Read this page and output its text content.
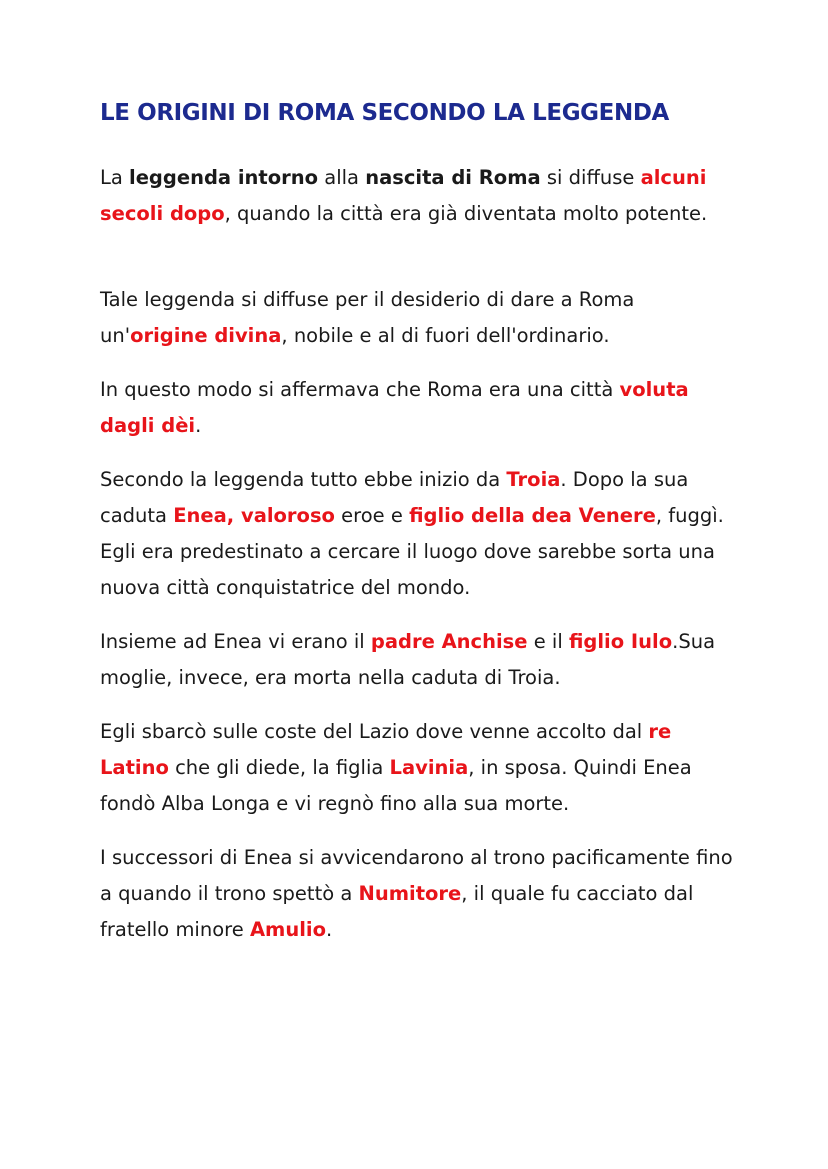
LE ORIGINI DI ROMA SECONDO LA LEGGENDA

La leggenda intorno alla nascita di Roma si diffuse alcuni secoli dopo, quando la città era già diventata molto potente.

Tale leggenda si diffuse per il desiderio di dare a Roma un'origine divina, nobile e al di fuori dell'ordinario.

In questo modo si affermava che Roma era una città voluta dagli dèi.

Secondo la leggenda tutto ebbe inizio da Troia. Dopo la sua caduta Enea, valoroso eroe e figlio della dea Venere, fuggì. Egli era predestinato a cercare il luogo dove sarebbe sorta una nuova città conquistatrice del mondo.

Insieme ad Enea vi erano il padre Anchise e il figlio Iulo.Sua moglie, invece, era morta nella caduta di Troia.

Egli sbarcò sulle coste del Lazio dove venne accolto dal re Latino che gli diede, la figlia Lavinia, in sposa. Quindi Enea fondò Alba Longa e vi regnò fino alla sua morte.

I successori di Enea si avvicendarono al trono pacificamente fino a quando il trono spettò a Numitore, il quale fu cacciato dal fratello minore Amulio.
